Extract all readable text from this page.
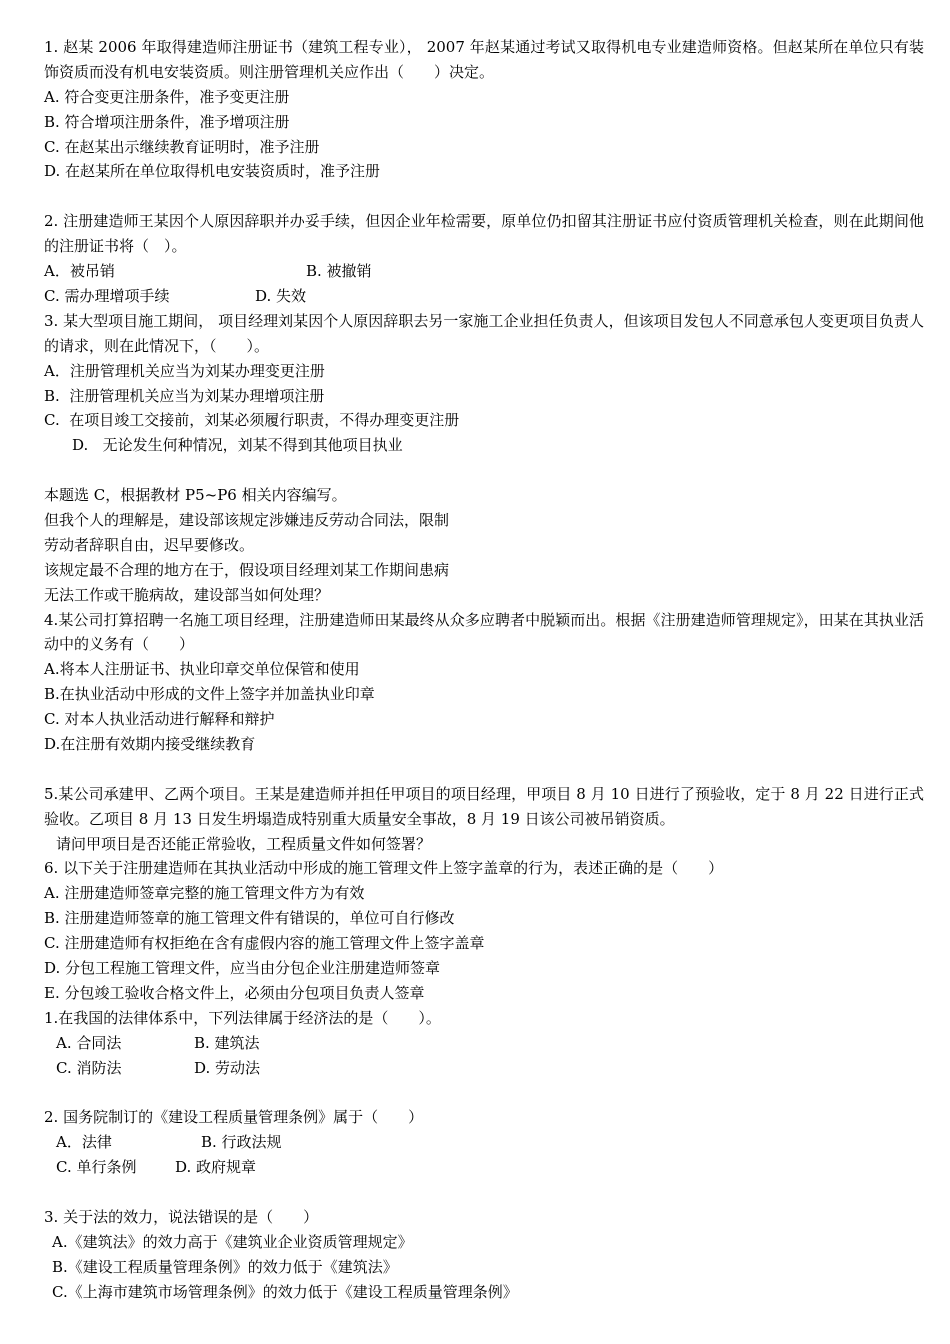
1. 赵某 2006 年取得建造师注册证书（建筑工程专业）， 2007 年赵某通过考试又取得机电专业建造师资格。但赵某所在单位只有装饰资质而没有机电安装资质。则注册管理机关应作出（　　）决定。
A. 符合变更注册条件，准予变更注册
B. 符合增项注册条件，准予增项注册
C. 在赵某出示继续教育证明时，准予注册
D. 在赵某所在单位取得机电安装资质时，准予注册
2. 注册建造师王某因个人原因辞职并办妥手续，但因企业年检需要，原单位仍扣留其注册证书应付资质管理机关检查，则在此期间他的注册证书将（　）。
A．被吊销	B. 被撤销
C. 需办理增项手续	D. 失效
3. 某大型项目施工期间， 项目经理刘某因个人原因辞职去另一家施工企业担任负责人，但该项目发包人不同意承包人变更项目负责人的请求，则在此情况下，（　　）。
A．注册管理机关应当为刘某办理变更注册
B.  注册管理机关应当为刘某办理增项注册
C.  在项目竣工交接前，刘某必须履行职责，不得办理变更注册
D.   无论发生何种情况，刘某不得到其他项目执业
本题选 C，根据教材 P5~P6 相关内容编写。
但我个人的理解是，建设部该规定涉嫌违反劳动合同法，限制
劳动者辞职自由，迟早要修改。
该规定最不合理的地方在于，假设项目经理刘某工作期间患病
无法工作或干脆病故，建设部当如何处理？
4.某公司打算招聘一名施工项目经理，注册建造师田某最终从众多应聘者中脱颖而出。根据《注册建造师管理规定》，田某在其执业活动中的义务有（　　）
A.将本人注册证书、执业印章交单位保管和使用
B.在执业活动中形成的文件上签字并加盖执业印章
C. 对本人执业活动进行解释和辩护
D.在注册有效期内接受继续教育
5.某公司承建甲、乙两个项目。王某是建造师并担任甲项目的项目经理，甲项目 8 月 10 日进行了预验收，定于 8 月 22 日进行正式验收。乙项目 8 月 13 日发生坍塌造成特别重大质量安全事故，8 月 19 日该公司被吊销资质。
请问甲项目是否还能正常验收，工程质量文件如何签署？
6. 以下关于注册建造师在其执业活动中形成的施工管理文件上签字盖章的行为，表述正确的是（　　）
A. 注册建造师签章完整的施工管理文件方为有效
B. 注册建造师签章的施工管理文件有错误的，单位可自行修改
C. 注册建造师有权拒绝在含有虚假内容的施工管理文件上签字盖章
D. 分包工程施工管理文件，应当由分包企业注册建造师签章
E. 分包竣工验收合格文件上，必须由分包项目负责人签章
1.在我国的法律体系中，下列法律属于经济法的是（　　）。
A. 合同法	B. 建筑法
C. 消防法	D. 劳动法
2. 国务院制订的《建设工程质量管理条例》属于（　　）
A．法律	B. 行政法规
C. 单行条例	D. 政府规章
3. 关于法的效力，说法错误的是（　　）
A.《建筑法》的效力高于《建筑业企业资质管理规定》
B.《建设工程质量管理条例》的效力低于《建筑法》
C.《上海市建筑市场管理条例》的效力低于《建设工程质量管理条例》
